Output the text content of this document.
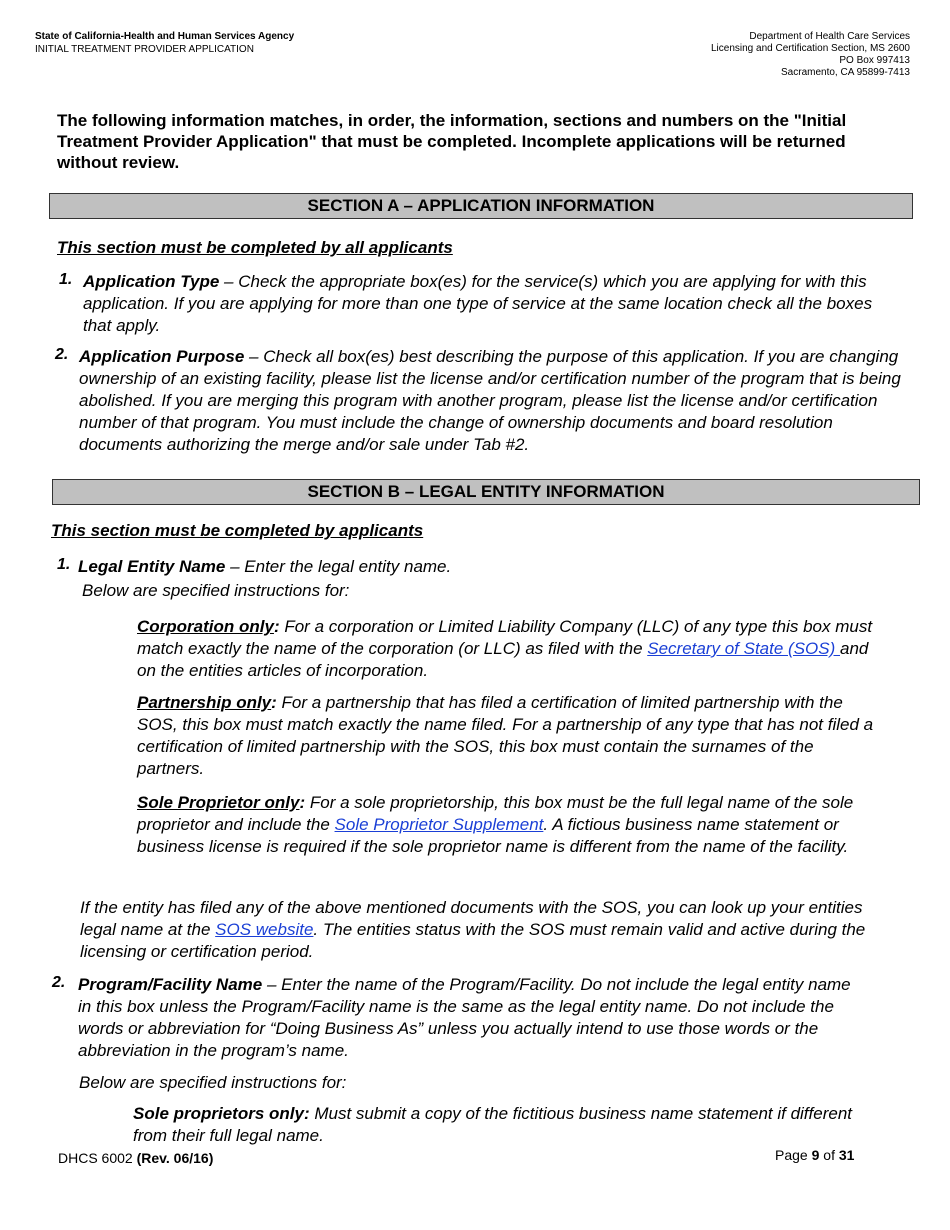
State of California-Health and Human Services Agency
INITIAL TREATMENT PROVIDER APPLICATION
Department of Health Care Services
Licensing and Certification Section, MS 2600
PO Box 997413
Sacramento, CA 95899-7413
The following information matches, in order, the information, sections and numbers on the "Initial Treatment Provider Application" that must be completed. Incomplete applications will be returned without review.
SECTION A – APPLICATION INFORMATION
This section must be completed by all applicants
1. Application Type – Check the appropriate box(es) for the service(s) which you are applying for with this application. If you are applying for more than one type of service at the same location check all the boxes that apply.

2. Application Purpose – Check all box(es) best describing the purpose of this application. If you are changing ownership of an existing facility, please list the license and/or certification number of the program that is being abolished. If you are merging this program with another program, please list the license and/or certification number of that program. You must include the change of ownership documents and board resolution documents authorizing the merge and/or sale under Tab #2.

SECTION B – LEGAL ENTITY INFORMATION
This section must be completed by applicants
1. Legal Entity Name – Enter the legal entity name.

Below are specified instructions for:

Corporation only: For a corporation or Limited Liability Company (LLC) of any type this box must match exactly the name of the corporation (or LLC) as filed with the Secretary of State (SOS) and on the entities articles of incorporation.

Partnership only: For a partnership that has filed a certification of limited partnership with the SOS, this box must match exactly the name filed. For a partnership of any type that has not filed a certification of limited partnership with the SOS, this box must contain the surnames of the partners.

Sole Proprietor only: For a sole proprietorship, this box must be the full legal name of the sole proprietor and include the Sole Proprietor Supplement. A fictious business name statement or business license is required if the sole proprietor name is different from the name of the facility.

If the entity has filed any of the above mentioned documents with the SOS, you can look up your entities legal name at the SOS website. The entities status with the SOS must remain valid and active during the licensing or certification period.

2. Program/Facility Name – Enter the name of the Program/Facility. Do not include the legal entity name in this box unless the Program/Facility name is the same as the legal entity name. Do not include the words or abbreviation for “Doing Business As” unless you actually intend to use those words or the abbreviation in the program’s name.

Below are specified instructions for:

Sole proprietors only: Must submit a copy of the fictitious business name statement if different from their full legal name.

DHCS 6002 (Rev. 06/16)	Page 9 of 31
